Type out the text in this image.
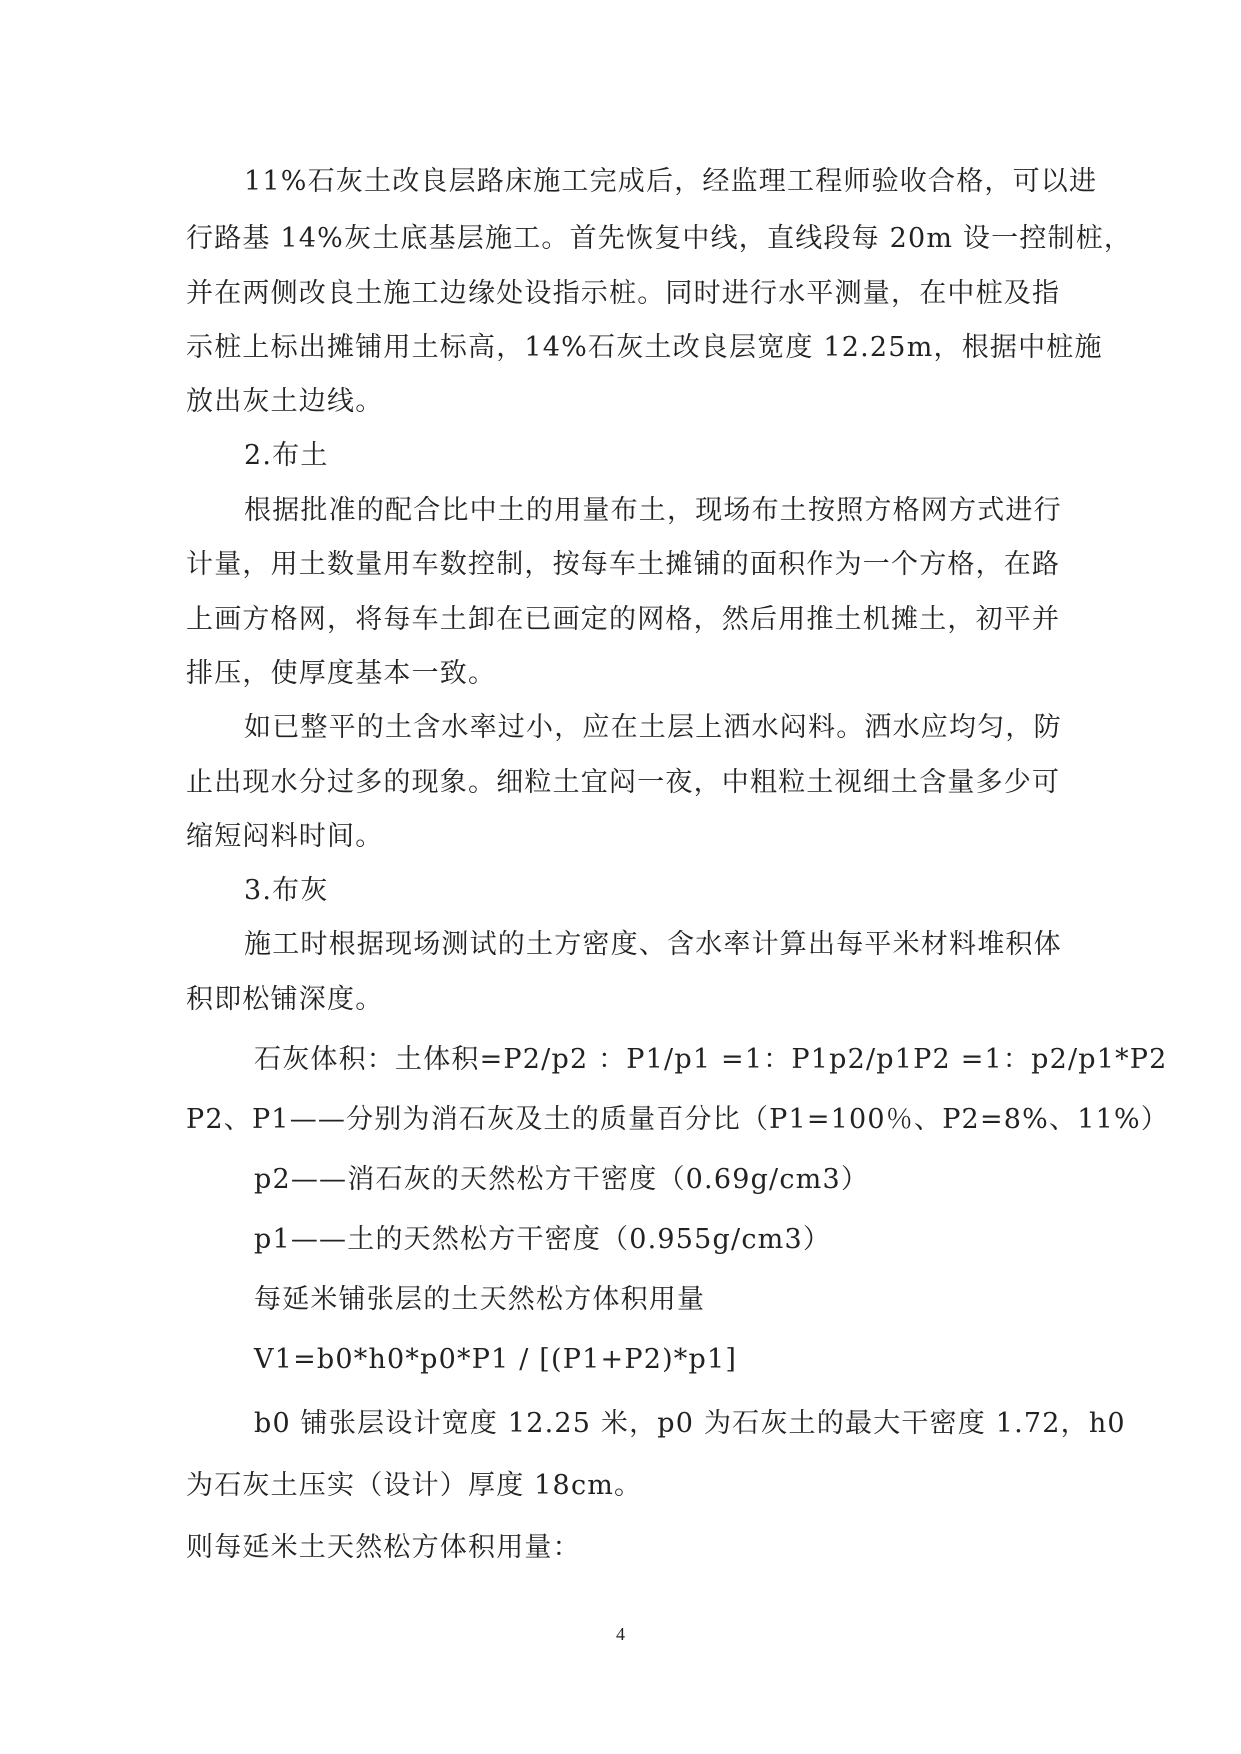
11%石灰土改良层路床施工完成后，经监理工程师验收合格，可以进
行路基 14%灰土底基层施工。首先恢复中线，直线段每 20m 设一控制桩，
并在两侧改良土施工边缘处设指示桩。同时进行水平测量，在中桩及指
示桩上标出摊铺用土标高，14%石灰土改良层宽度 12.25m，根据中桩施
放出灰土边线。
2.布土
根据批准的配合比中土的用量布土，现场布土按照方格网方式进行
计量，用土数量用车数控制，按每车土摊铺的面积作为一个方格，在路
上画方格网，将每车土卸在已画定的网格，然后用推土机摊土，初平并
排压，使厚度基本一致。
如已整平的土含水率过小，应在土层上洒水闷料。洒水应均匀，防
止出现水分过多的现象。细粒土宜闷一夜，中粗粒土视细土含量多少可
缩短闷料时间。
3.布灰
施工时根据现场测试的土方密度、含水率计算出每平米材料堆积体
积即松铺深度。
石灰体积：土体积=P2/p2 ：P1/p1 =1：P1p2/p1P2 =1：p2/p1*P2
P2、P1——分别为消石灰及土的质量百分比（P1=100％、P2=8%、11%）
p2——消石灰的天然松方干密度（0.69g/cm3）
p1——土的天然松方干密度（0.955g/cm3）
每延米铺张层的土天然松方体积用量
V1=b0*h0*p0*P1 / [(P1+P2)*p1]
b0 铺张层设计宽度 12.25 米，p0 为石灰土的最大干密度 1.72，h0
为石灰土压实（设计）厚度 18cm。
则每延米土天然松方体积用量：
4
